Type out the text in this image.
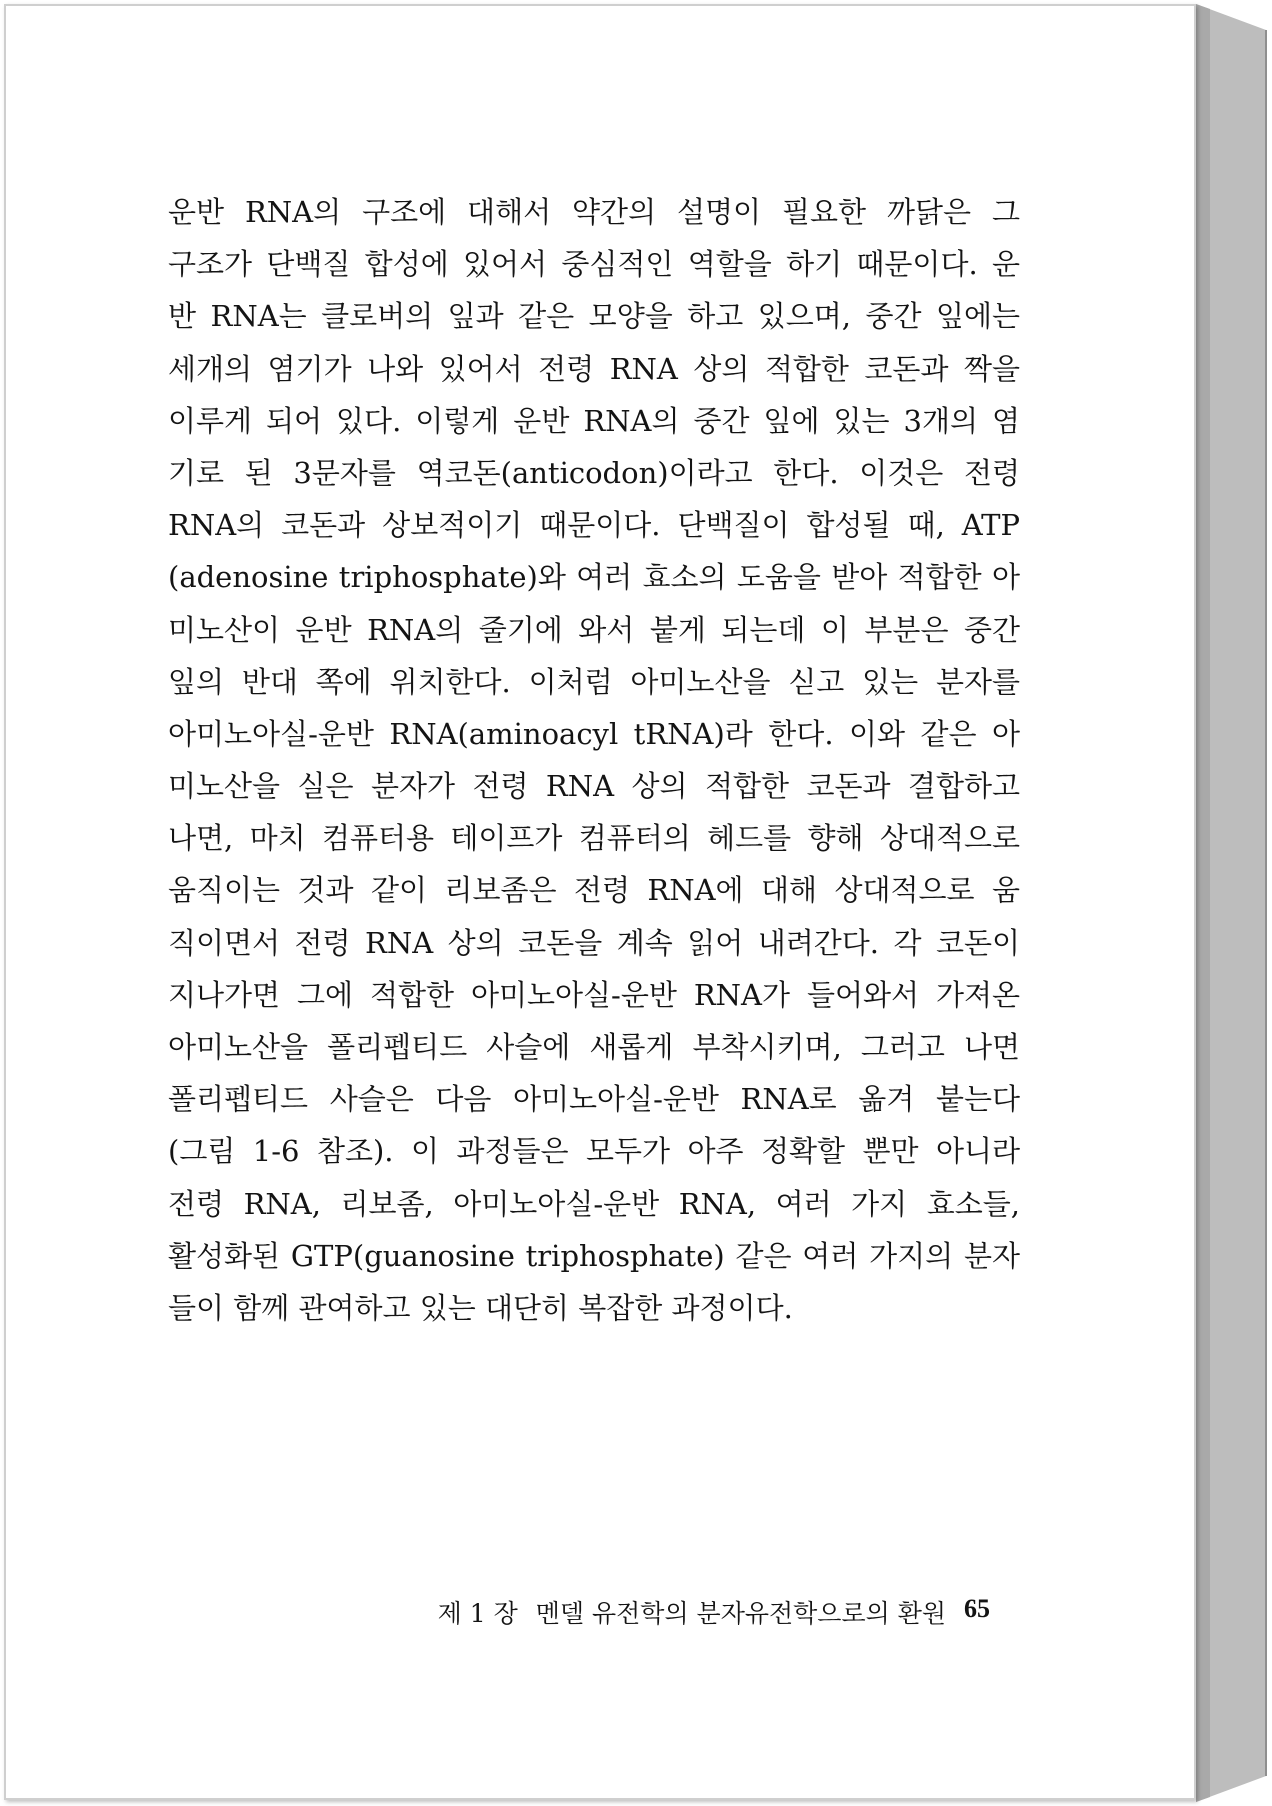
운반 RNA의 구조에 대해서 약간의 설명이 필요한 까닭은 그
구조가 단백질 합성에 있어서 중심적인 역할을 하기 때문이다. 운
반 RNA는 클로버의 잎과 같은 모양을 하고 있으며, 중간 잎에는
세개의 염기가 나와 있어서 전령 RNA 상의 적합한 코돈과 짝을
이루게 되어 있다. 이렇게 운반 RNA의 중간 잎에 있는 3개의 염
기로 된 3문자를 역코돈(anticodon)이라고 한다. 이것은 전령
RNA의 코돈과 상보적이기 때문이다. 단백질이 합성될 때, ATP
(adenosine triphosphate)와 여러 효소의 도움을 받아 적합한 아
미노산이 운반 RNA의 줄기에 와서 붙게 되는데 이 부분은 중간
잎의 반대 쪽에 위치한다. 이처럼 아미노산을 싣고 있는 분자를
아미노아실-운반 RNA(aminoacyl tRNA)라 한다. 이와 같은 아
미노산을 실은 분자가 전령 RNA 상의 적합한 코돈과 결합하고
나면, 마치 컴퓨터용 테이프가 컴퓨터의 헤드를 향해 상대적으로
움직이는 것과 같이 리보좀은 전령 RNA에 대해 상대적으로 움
직이면서 전령 RNA 상의 코돈을 계속 읽어 내려간다. 각 코돈이
지나가면 그에 적합한 아미노아실-운반 RNA가 들어와서 가져온
아미노산을 폴리펩티드 사슬에 새롭게 부착시키며, 그러고 나면
폴리펩티드 사슬은 다음 아미노아실-운반 RNA로 옮겨 붙는다
(그림 1-6 참조). 이 과정들은 모두가 아주 정확할 뿐만 아니라
전령 RNA, 리보좀, 아미노아실-운반 RNA, 여러 가지 효소들,
활성화된 GTP(guanosine triphosphate) 같은 여러 가지의 분자
들이 함께 관여하고 있는 대단히 복잡한 과정이다.
제 1 장 멘델 유전학의 분자유전학으로의 환원 65
